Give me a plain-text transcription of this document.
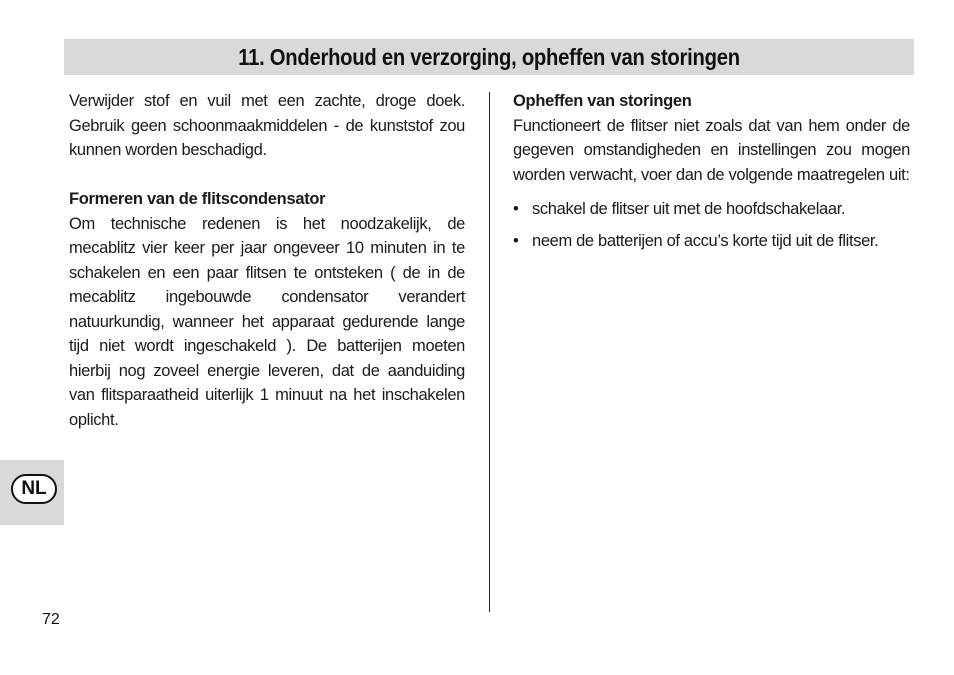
11. Onderhoud en verzorging, opheffen van storingen

Verwijder stof en vuil met een zachte, droge doek. Gebruik geen schoonmaakmiddelen - de kunststof zou kunnen worden beschadigd.

Formeren van de flitscondensator

Om technische redenen is het noodzakelijk, de mecablitz vier keer per jaar ongeveer 10 minuten in te schakelen en een paar flitsen te ontsteken ( de in de mecablitz ingebouwde condensator verandert natuurkundig, wanneer het apparaat gedurende lange tijd niet wordt ingeschakeld ). De batterijen moeten hierbij nog zoveel energie leveren, dat de aanduiding van flitsparaatheid uiterlijk 1 minuut na het inschakelen oplicht.

Opheffen van storingen

Functioneert de flitser niet zoals dat van hem onder de gegeven omstandigheden en instellingen zou mogen worden verwacht, voer dan de volgende maatregelen uit:

• schakel de flitser uit met de hoofdschakelaar.
• neem de batterijen of accu’s korte tijd uit de flitser.
NL
72
